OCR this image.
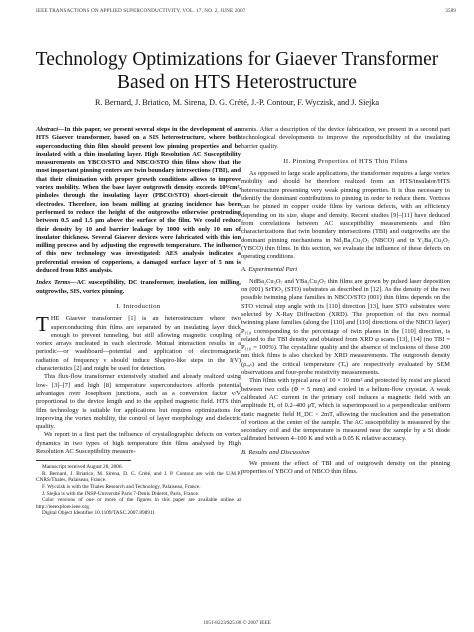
IEEE TRANSACTIONS ON APPLIED SUPERCONDUCTIVITY, VOL. 17, NO. 2, JUNE 2007	3589
Technology Optimizations for Giaever Transformer Based on HTS Heterostructure
R. Bernard, J. Briatico, M. Sirena, D. G. Crété, J.-P. Contour, F. Wyczisk, and J. Siejka
Abstract—In this paper, we present several steps in the development of an HTS Giaever transformer, based on a SIS heterostructure, where both superconducting thin film should present low pinning properties and be insulated with a thin insulating layer. High Resolution AC Susceptibility measurements on YBCO/STO and NBCO/STO thin films show that the most important pinning centers are twin boundary intersections (TBI), and that their elimination with proper growth conditions allows to improve vortex mobility. When the base layer outgrowth density exceeds 10⁸/cm², pinholes through the insulating layer (PBCO/STO) short-circuit the electrodes. Therefore, ion beam milling at grazing incidence has been performed to reduce the height of the outgrowths otherwise protruding between 0.5 and 1.5 μm above the surface of the film. We could reduce their density by 10 and barrier leakage by 1000 with only 10 nm of insulator thickness. Several Giaever devices were fabricated with this ion milling process and by adjusting the regrowth temperature. The influence of this new technology was investigated: AES analysis indicates a preferential erosion of copperions, a damaged surface layer of 5 nm is deduced from RBS analysis.
Index Terms—AC susceptibility, DC transformer, insulation, ion milling, outgrowths, SIS, vortex pinning.
I. Introduction

THE Giaever transformer [1] is an heterostructure where two superconducting thin films are separated by an insulating layer thick enough to prevent tunneling, but still allowing magnetic coupling of vortex arrays nucleated in each electrode. Mutual interaction results in a periodic—or washboard—potential and application of electromagnetic radiation of frequency ν should induce Shapiro-like steps in the I(V) characteristics [2] and might be used for detection.

This flux-flow transformer extensively studied and already realized using low- [3]–[7] and high [8] temperature superconductors affords potential advantages over Josephson junctions, such as a conversion factor ν/V proportional to the device length and to the applied magnetic field. HTS thin film technology is suitable for applications but requires optimizations for improving the vortex mobility, the control of layer morphology and dielectric quality.

We report in a first part the influence of crystallographic defects on vortex dynamics in two types of high temperature thin films analysed by High Resolution AC Susceptibility measure-

Manuscript received August 28, 2006.
R. Bernard, J. Briatico, M. Sirena, D. G. Crété, and J. P. Contour are with the U.M.P. CNRS/Thales, Palaiseau, France.
F. Wyczisk is with the Thales Research and Technology, Palaiseau, France.
J. Siejka is with the INSP-Université Paris 7-Denis Diderot, Paris, France.
Color versions of one or more of the figures in this paper are available online at http://ieeexplore.ieee.org.
Digital Object Identifier 10.1109/TASC.2007.898911

ments. After a description of the device fabrication, we present in a second part technological developments to improve the reproducibility of the insulating barrier quality.

II. Pinning Properties of HTS Thin Films

As opposed to large scale applications, the transformer requires a large vortex mobility and should be therefore realized from an HTS/insulator/HTS heterostructure presenting very weak pinning properties. It is thus necessary to identify the dominant contributions to pinning in order to reduce them. Vortices can be pinned in copper oxide films by various defects, with an efficiency depending on its size, shape and density. Recent studies [9]–[11] have deduced from correlations between AC susceptibility measurements and film characterizations that twin boundary intersections (TBI) and outgrowths are the dominant pinning mechanisms in Nd₁Ba₂Cu₃O₇ (NBCO) and in Y₁Ba₂Cu₃O₇ (YBCO) thin films. In this section, we evaluate the influence of these defects on operating conditions.

A. Experimental Part

NdBa₂Cu₃O₇ and YBa₂Cu₃O₇ thin films are grown by pulsed laser deposition on (001) SrTiO₃ (STO) substrates as described in [12]. As the density of the two possible twinning plane families in NBCO/STO (001) thin films depends on the STO vicinal step angle with its [110] direction [13], bare STO substrates were selected by X-Ray Diffraction (XRD). The proportion of the two normal twinning plane families (along the [110] and [110] directions of the NBCO layer) P₁₁₀ corresponding to the percentage of twin planes in the [110] direction, is related to the TBI density and obtained from XRD φ scans [13], [14] (no TBI = P₁₁₀ = 100%). The crystalline quality and the absence of inclusions of these 200 nm thick films is also checked by XRD measurements. The outgrowth density (ρₒᵤₜ) and the critical temperature (Tₑ) are respectively evaluated by SEM observations and four-probe resistivity measurements.

Thin films with typical area of 10 × 10 mm² and protected by resist are placed between two coils (Φ = 5 mm) and cooled in a helium-flow cryostat. A weak calibrated AC current in the primary coil induces a magnetic field with an amplitude Hₐ of 0.2–400 μT, which is superimposed to a perpendicular uniform static magnetic field H_DC < 2mT, allowing the nucleation and the penetration of vortices at the center of the sample. The AC susceptibility is measured by the secondary coil and the temperature is measured near the sample by a Si diode calibrated between 4–100 K and with a 0.05 K relative accuracy.

B. Results and Discussion

We present the effect of TBI and of outgrowth density on the pinning properties of YBCO and of NBCO thin films.

1051-8223/$25.00 © 2007 IEEE
